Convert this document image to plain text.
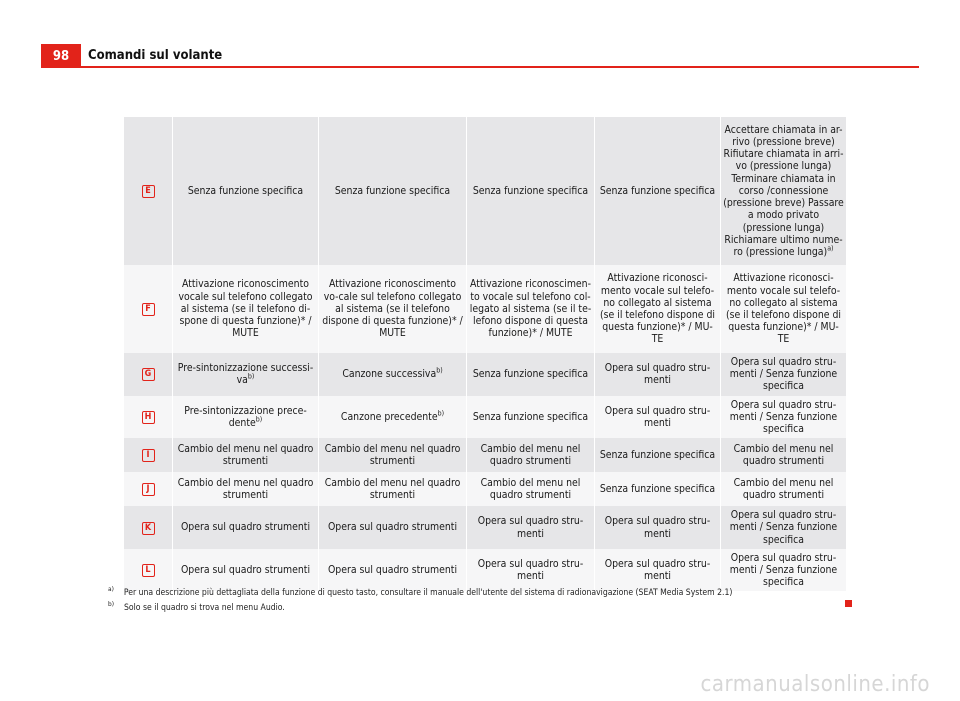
98	Comandi sul volante
E	Senza funzione specifica	Senza funzione specifica	Senza funzione specifica	Senza funzione specifica	Accettare chiamata in ar-rivo (pressione breve) Rifiutare chiamata in arri-vo (pressione lunga) Terminare chiamata in corso /connessione (pressione breve) Passare a modo privato (pressione lunga) Richiamare ultimo nume-ro (pressione lunga)$^{a)}$
F	Attivazione riconoscimento vocale sul telefono collegato al sistema (se il telefono di-spone di questa funzione)* / MUTE	Attivazione riconoscimento vo-cale sul telefono collegato al sistema (se il telefono dispone di questa funzione)* / MUTE	Attivazione riconoscimen-to vocale sul telefono col-legato al sistema (se il te-lefono dispone di questa funzione)* / MUTE	Attivazione riconosci-mento vocale sul telefo-no collegato al sistema (se il telefono dispone di questa funzione)* / MU-TE	Attivazione riconosci-mento vocale sul telefo-no collegato al sistema (se il telefono dispone di questa funzione)* / MU-TE
G	Pre-sintonizzazione successi-$va^{b)}$	Canzone successiva$^{b)}$	Senza funzione specifica	Opera sul quadro stru-menti	Opera sul quadro stru-menti / Senza funzione specifica
H	Pre-sintonizzazione prece-dente$^{b)}$	Canzone precedente$^{b)}$	Senza funzione specifica	Opera sul quadro stru-menti	Opera sul quadro stru-menti / Senza funzione specifica
I	Cambio del menu nel quadro strumenti	Cambio del menu nel quadro strumenti	Cambio del menu nel quadro strumenti	Senza funzione specifica	Cambio del menu nel quadro strumenti
J	Cambio del menu nel quadro strumenti	Cambio del menu nel quadro strumenti	Cambio del menu nel quadro strumenti	Senza funzione specifica	Cambio del menu nel quadro strumenti
K	Opera sul quadro strumenti	Opera sul quadro strumenti	Opera sul quadro stru-menti	Opera sul quadro stru-menti	Opera sul quadro stru-menti / Senza funzione specifica
L	Opera sul quadro strumenti	Opera sul quadro strumenti	Opera sul quadro stru-menti	Opera sul quadro stru-menti	Opera sul quadro stru-menti / Senza funzione specifica
$^{a)}$ Per una descrizione più dettagliata della funzione di questo tasto, consultare il manuale dell'utente del sistema di radionavigazione (SEAT Media System 2.1)
$^{b)}$ Solo se il quadro si trova nel menu Audio.
carmanualsonline.info
